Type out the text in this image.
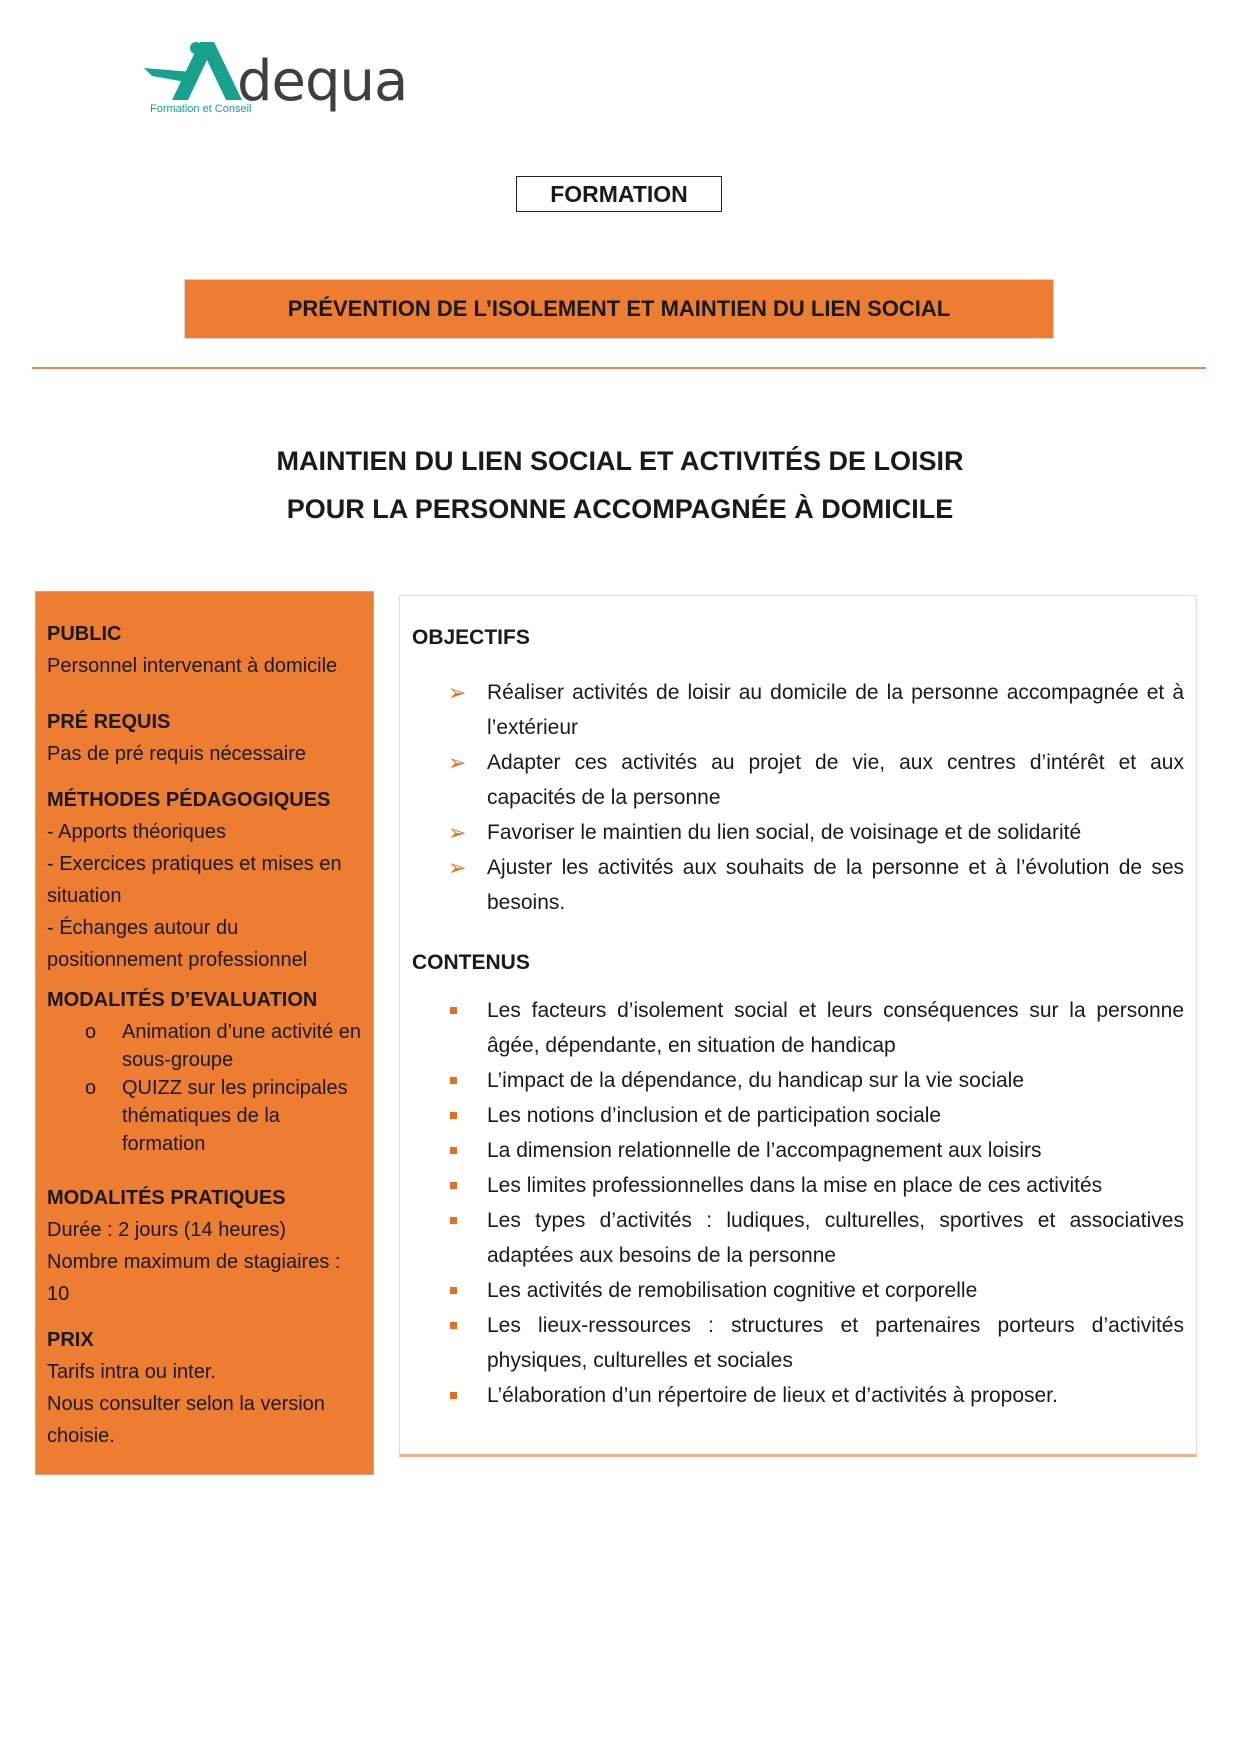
dequa
Formation et Conseil
FORMATION
PRÉVENTION DE L’ISOLEMENT ET MAINTIEN DU LIEN SOCIAL
MAINTIEN DU LIEN SOCIAL ET ACTIVITÉS DE LOISIR
POUR LA PERSONNE ACCOMPAGNÉE À DOMICILE
PUBLIC
Personnel intervenant à domicile
PRÉ REQUIS
Pas de pré requis nécessaire
MÉTHODES PÉDAGOGIQUES
- Apports théoriques
- Exercices pratiques et mises en situation
- Échanges autour du positionnement professionnel
MODALITÉS D’EVALUATION
o Animation d’une activité en sous-groupe
o QUIZZ sur les principales thématiques de la formation
MODALITÉS PRATIQUES
Durée : 2 jours (14 heures)
Nombre maximum de stagiaires : 10
PRIX
Tarifs intra ou inter.
Nous consulter selon la version choisie.
OBJECTIFS
➢ Réaliser activités de loisir au domicile de la personne accompagnée et à l’extérieur
➢ Adapter ces activités au projet de vie, aux centres d’intérêt et aux capacités de la personne
➢ Favoriser le maintien du lien social, de voisinage et de solidarité
➢ Ajuster les activités aux souhaits de la personne et à l’évolution de ses besoins.
CONTENUS
Les facteurs d’isolement social et leurs conséquences sur la personne âgée, dépendante, en situation de handicap
L’impact de la dépendance, du handicap sur la vie sociale
Les notions d’inclusion et de participation sociale
La dimension relationnelle de l’accompagnement aux loisirs
Les limites professionnelles dans la mise en place de ces activités
Les types d’activités : ludiques, culturelles, sportives et associatives adaptées aux besoins de la personne
Les activités de remobilisation cognitive et corporelle
Les lieux-ressources : structures et partenaires porteurs d’activités physiques, culturelles et sociales
L’élaboration d’un répertoire de lieux et d’activités à proposer.
